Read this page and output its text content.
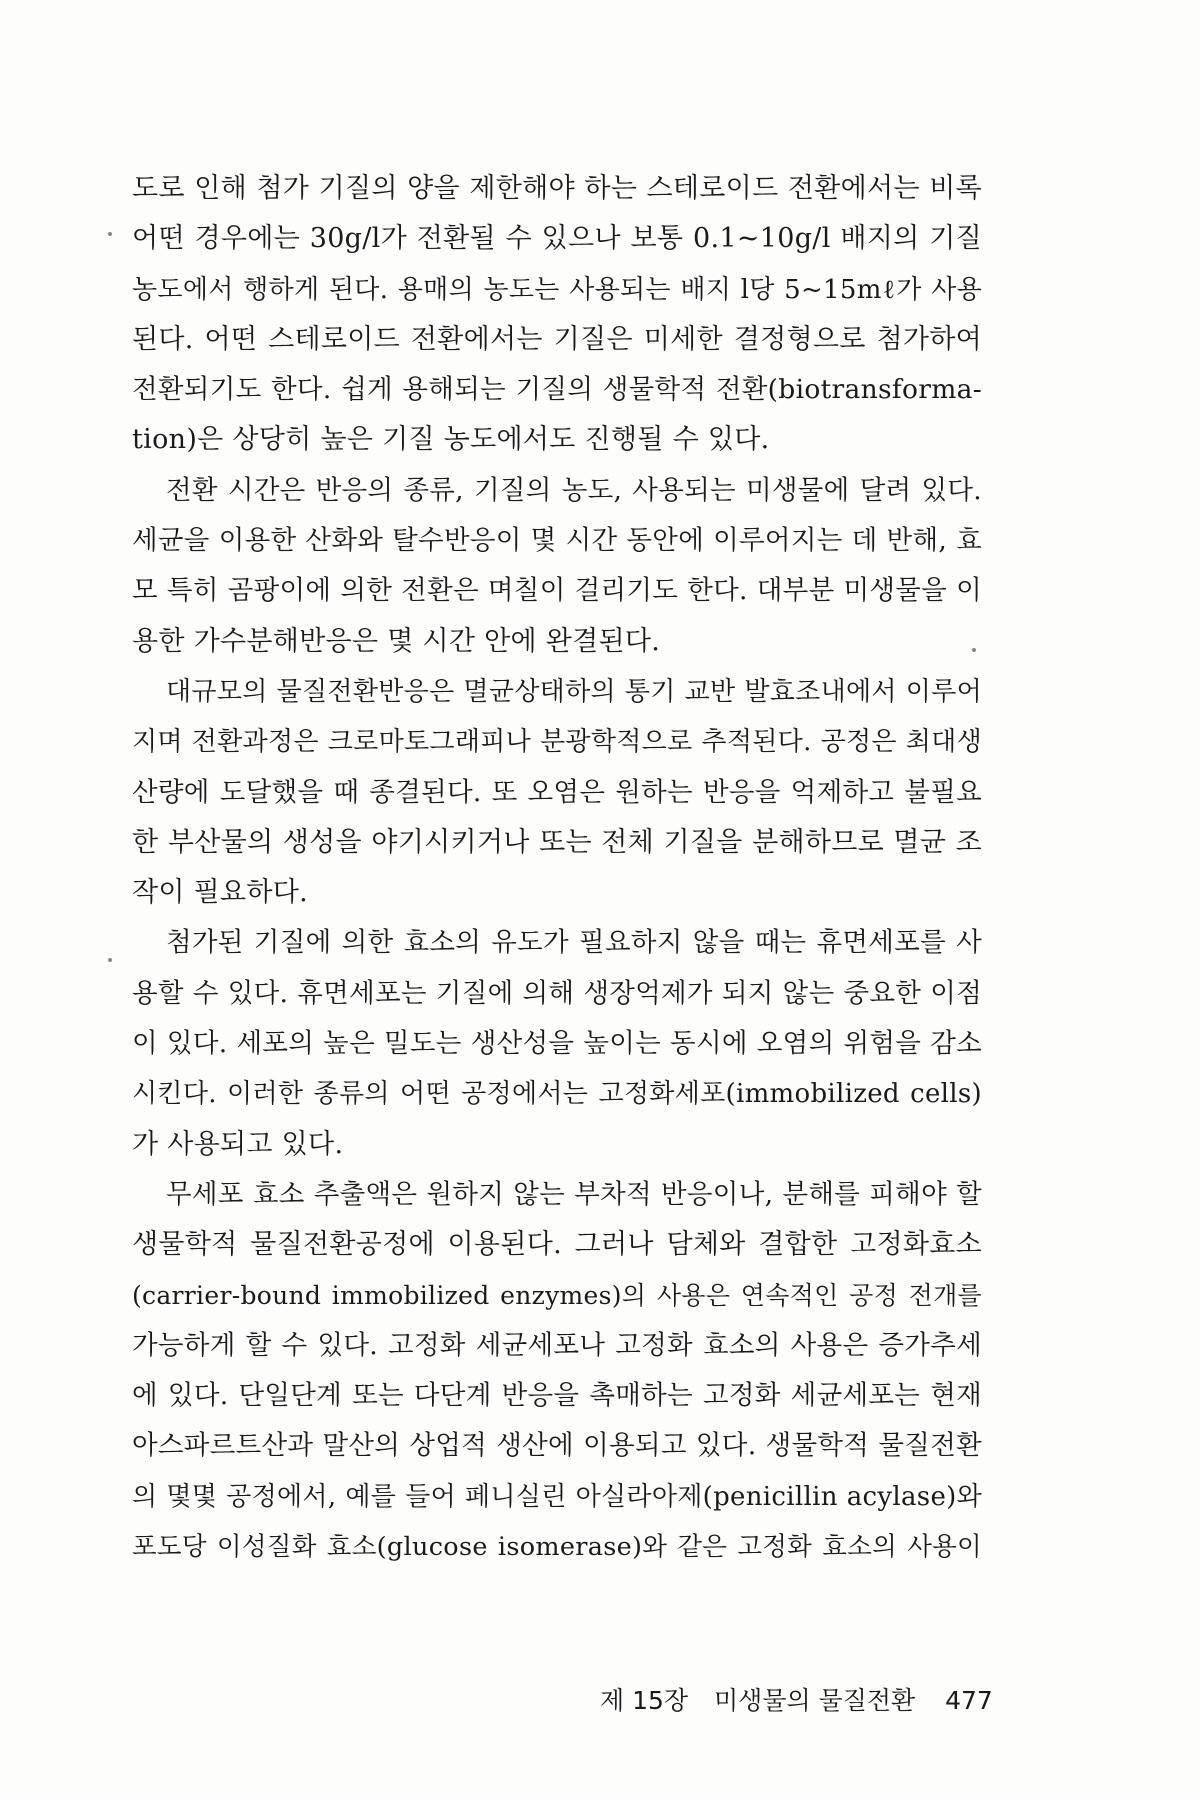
도로 인해 첨가 기질의 양을 제한해야 하는 스테로이드 전환에서는 비록
어떤 경우에는 30g/l가 전환될 수 있으나 보통 0.1~10g/l 배지의 기질
농도에서 행하게 된다. 용매의 농도는 사용되는 배지 l당 5~15mℓ가 사용
된다. 어떤 스테로이드 전환에서는 기질은 미세한 결정형으로 첨가하여
전환되기도 한다. 쉽게 용해되는 기질의 생물학적 전환(biotransforma-
tion)은 상당히 높은 기질 농도에서도 진행될 수 있다.
전환 시간은 반응의 종류, 기질의 농도, 사용되는 미생물에 달려 있다.
세균을 이용한 산화와 탈수반응이 몇 시간 동안에 이루어지는 데 반해, 효
모 특히 곰팡이에 의한 전환은 며칠이 걸리기도 한다. 대부분 미생물을 이
용한 가수분해반응은 몇 시간 안에 완결된다.
대규모의 물질전환반응은 멸균상태하의 통기 교반 발효조내에서 이루어
지며 전환과정은 크로마토그래피나 분광학적으로 추적된다. 공정은 최대생
산량에 도달했을 때 종결된다. 또 오염은 원하는 반응을 억제하고 불필요
한 부산물의 생성을 야기시키거나 또는 전체 기질을 분해하므로 멸균 조
작이 필요하다.
첨가된 기질에 의한 효소의 유도가 필요하지 않을 때는 휴면세포를 사
용할 수 있다. 휴면세포는 기질에 의해 생장억제가 되지 않는 중요한 이점
이 있다. 세포의 높은 밀도는 생산성을 높이는 동시에 오염의 위험을 감소
시킨다. 이러한 종류의 어떤 공정에서는 고정화세포(immobilized cells)
가 사용되고 있다.
무세포 효소 추출액은 원하지 않는 부차적 반응이나, 분해를 피해야 할
생물학적 물질전환공정에 이용된다. 그러나 담체와 결합한 고정화효소
(carrier-bound immobilized enzymes)의 사용은 연속적인 공정 전개를
가능하게 할 수 있다. 고정화 세균세포나 고정화 효소의 사용은 증가추세
에 있다. 단일단계 또는 다단계 반응을 촉매하는 고정화 세균세포는 현재
아스파르트산과 말산의 상업적 생산에 이용되고 있다. 생물학적 물질전환
의 몇몇 공정에서, 예를 들어 페니실린 아실라아제(penicillin acylase)와
포도당 이성질화 효소(glucose isomerase)와 같은 고정화 효소의 사용이
제 15장 미생물의 물질전환 477
